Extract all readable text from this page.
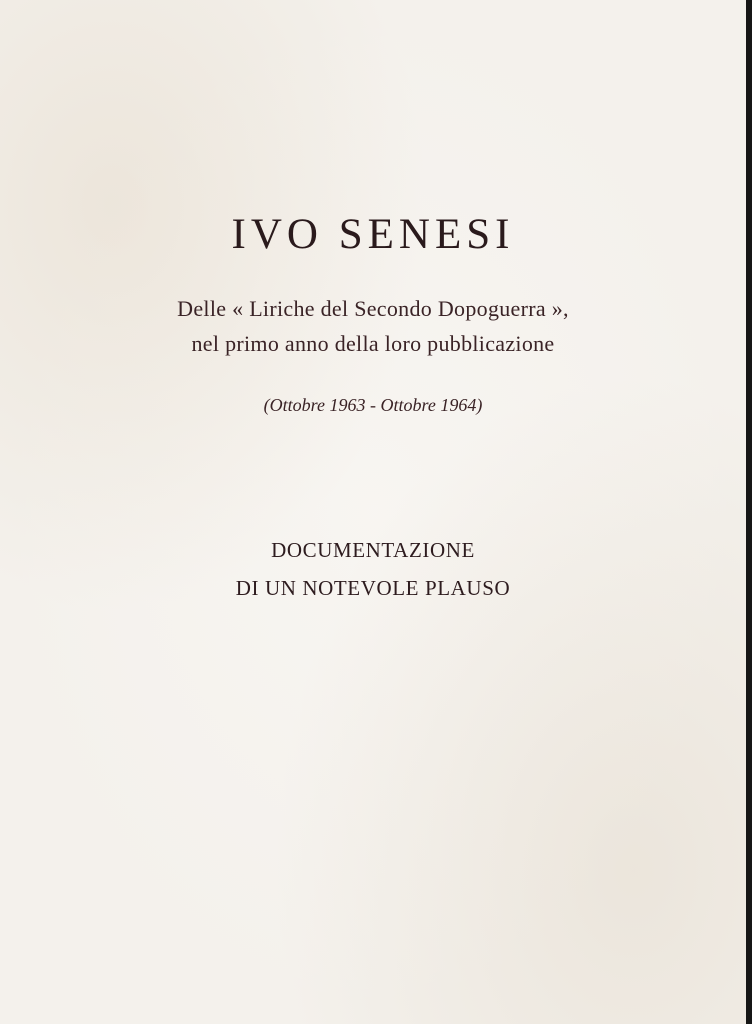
IVO SENESI
Delle « Liriche del Secondo Dopoguerra »,
nel primo anno della loro pubblicazione
(Ottobre 1963 - Ottobre 1964)
DOCUMENTAZIONE
DI UN NOTEVOLE PLAUSO
